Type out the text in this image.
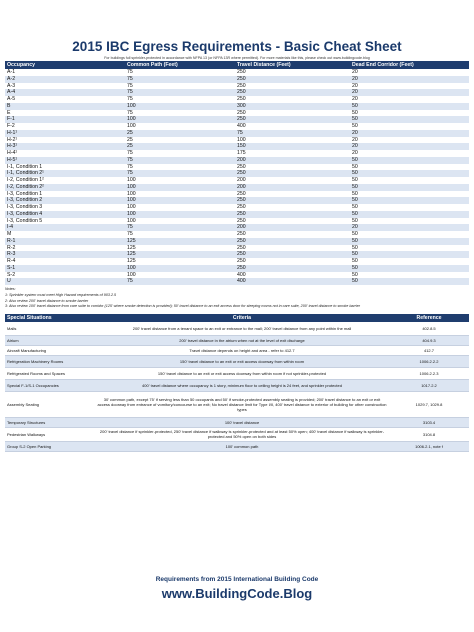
2015 IBC Egress Requirements - Basic Cheat Sheet
For buildings full sprinkler-protected in accordance with NFPA 13 (or NFPA 13R where permitted). For more materials like this, please check out www.buildingcode.blog
Occupancy	Common Path (Feet)	Travel Distance (Feet)	Dead End Corridor (Feet)
A-1	75	250	20
A-2	75	250	20
A-3	75	250	20
A-4	75	250	20
A-5	75	250	20
B	100	300	50
E	75	250	50
F-1	100	250	50
F-2	100	400	50
H-1¹	25	75	20
H-2¹	25	100	20
H-3¹	25	150	20
H-4¹	75	175	20
H-5¹	75	200	50
I-1, Condition 1	75	250	50
I-1, Condition 2¹	75	250	50
I-2, Condition 1²	100	200	50
I-2, Condition 2²	100	200	50
I-3, Condition 1	100	250	50
I-3, Condition 2	100	250	50
I-3, Condition 3	100	250	50
I-3, Condition 4	100	250	50
I-3, Condition 5	100	250	50
I-4	75	200	20
M	75	250	50
R-1	125	250	50
R-2	125	250	50
R-3	125	250	50
R-4	125	250	50
S-1	100	250	50
S-2	100	400	50
U	75	400	50
Notes:
1: Sprinkler system must meet High Hazard requirements of 903.2.5
2: Also review 200' travel distance to smoke barrier
3: Also review 100' travel distance from care suite to corridor (125' where smoke detection is provided); 50' travel distance to an exit access door for sleeping rooms not in care suite, 200' travel distance to smoke barrier
Special Situations	Criteria	Reference
Malls	200' travel distance from a tenant space to an exit or entrance to the mall; 200' travel distance from any point within the mall	402.8.5
Atrium	200' travel distance in the atrium when not at the level of exit discharge	404.9.3
Aircraft Manufacturing	Travel distance depends on height and area - refer to 412.7	412.7
Refrigeration Machinery Rooms	150' travel distance to an exit or exit access doorway from within room	1006.2.2.2
Refrigerated Rooms and Spaces	150' travel distance to an exit or exit access doorway from within room if not sprinkler-protected	1006.2.2.3
Special F-1/S-1 Occupancies	400' travel distance where occupancy is 1 story, minimum floor to ceiling height is 24 feet, and sprinkler protected	1017.2.2
Assembly Seating	30' common path, except 75' if serving less than 50 occupants and 50' if smoke-protected assembly seating is provided; 200' travel distance to an exit or exit access doorway from entrance of vomitory/concourse to an exit; No travel distance limit for Type I/II, 400' travel distance to exterior of building for other construction types	1029.7, 1029.8
Temporary Structures	100' travel distance	3103.4
Pedestrian Walkways	200' travel distance if sprinkler-protected, 250' travel distance if walkway is sprinkler-protected and at least 50% open; 400' travel distance if walkway is sprinkler-protected and 50% open on both sides	3104.8
Group S-2 Open Parking	100' common path	1006.2.1, note f
Requirements from 2015 International Building Code
www.BuildingCode.Blog
